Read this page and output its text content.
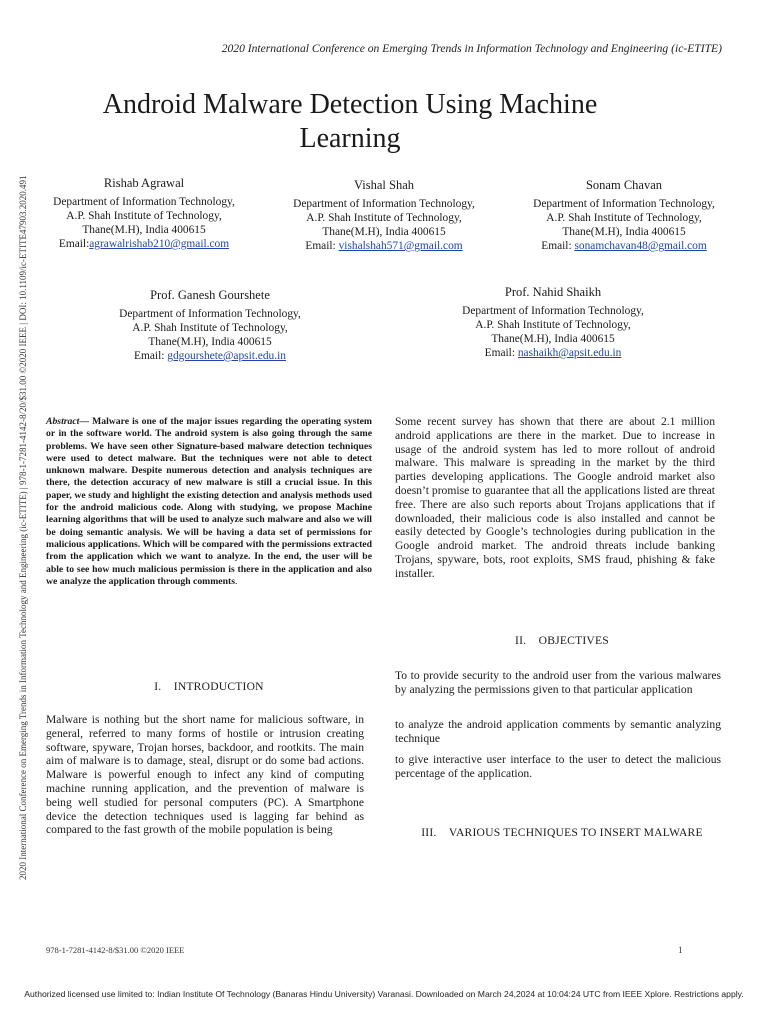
2020 International Conference on Emerging Trends in Information Technology and Engineering (ic-ETITE)
Android Malware Detection Using Machine Learning
Rishab Agrawal
Department of Information Technology,
A.P. Shah Institute of Technology,
Thane(M.H), India 400615
Email:agrawalrishab210@gmail.com
Vishal Shah
Department of Information Technology,
A.P. Shah Institute of Technology,
Thane(M.H), India 400615
Email: vishalshah571@gmail.com
Sonam Chavan
Department of Information Technology,
A.P. Shah Institute of Technology,
Thane(M.H), India 400615
Email: sonamchavan48@gmail.com
Prof. Ganesh Gourshete
Department of Information Technology,
A.P. Shah Institute of Technology,
Thane(M.H), India 400615
Email: gdgourshete@apsit.edu.in
Prof. Nahid Shaikh
Department of Information Technology,
A.P. Shah Institute of Technology,
Thane(M.H), India 400615
Email: nashaikh@apsit.edu.in
2020 International Conference on Emerging Trends in Information Technology and Engineering (ic-ETITE) | 978-1-7281-4142-8/20/$31.00 ©2020 IEEE | DOI: 10.1109/ic-ETITE47903.2020.491 Abstract— Malware is one of the major issues regarding the operating system or in the software world. The android system is also going through the same problems. We have seen other Signature-based malware detection techniques were used to detect malware. But the techniques were not able to detect unknown malware. Despite numerous detection and analysis techniques are there, the detection accuracy of new malware is still a crucial issue. In this paper, we study and highlight the existing detection and analysis methods used for the android malicious code. Along with studying, we propose Machine learning algorithms that will be used to analyze such malware and also we will be doing semantic analysis. We will be having a data set of permissions for malicious applications. Which will be compared with the permissions extracted from the application which we want to analyze. In the end, the user will be able to see how much malicious permission is there in the application and also we analyze the application through comments.
I.    INTRODUCTION

Malware is nothing but the short name for malicious software, in general, referred to many forms of hostile or intrusion creating software, spyware, Trojan horses, backdoor, and rootkits. The main aim of malware is to damage, steal, disrupt or do some bad actions. Malware is powerful enough to infect any kind of computing machine running application, and the prevention of malware is being well studied for personal computers (PC). A Smartphone device the detection techniques used is lagging far behind as compared to the fast growth of the mobile population is being

Some recent survey has shown that there are about 2.1 million android applications are there in the market. Due to increase in usage of the android system has led to more rollout of android malware. This malware is spreading in the market by the third parties developing applications. The Google android market also doesn’t promise to guarantee that all the applications listed are threat free. There are also such reports about Trojans applications that if downloaded, their malicious code is also installed and cannot be easily detected by Google’s technologies during publication in the Google android market. The android threats include banking Trojans, spyware, bots, root exploits, SMS fraud, phishing & fake installer.

II.    OBJECTIVES

To to provide security to the android user from the various malwares by analyzing the permissions given to that particular application

to analyze the android application comments by semantic analyzing technique

to give interactive user interface to the user to detect the malicious percentage of the application.

III.    VARIOUS TECHNIQUES TO INSERT MALWARE
978-1-7281-4142-8/$31.00 ©2020 IEEE	1
Authorized licensed use limited to: Indian Institute Of Technology (Banaras Hindu University) Varanasi. Downloaded on March 24,2024 at 10:04:24 UTC from IEEE Xplore. Restrictions apply.
